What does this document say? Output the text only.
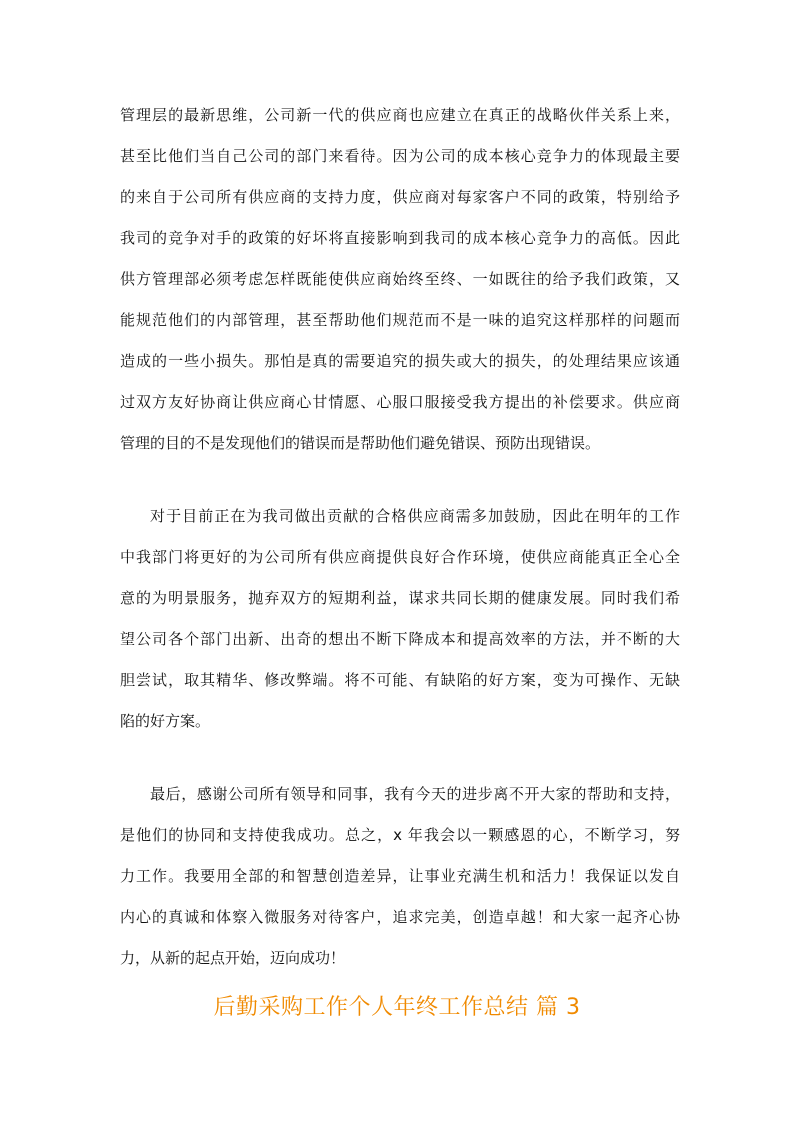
管理层的最新思维，公司新一代的供应商也应建立在真正的战略伙伴关系上来，
甚至比他们当自己公司的部门来看待。因为公司的成本核心竞争力的体现最主要
的来自于公司所有供应商的支持力度，供应商对每家客户不同的政策，特别给予
我司的竞争对手的政策的好坏将直接影响到我司的成本核心竞争力的高低。因此
供方管理部必须考虑怎样既能使供应商始终至终、一如既往的给予我们政策，又
能规范他们的内部管理，甚至帮助他们规范而不是一味的追究这样那样的问题而
造成的一些小损失。那怕是真的需要追究的损失或大的损失，的处理结果应该通
过双方友好协商让供应商心甘情愿、心服口服接受我方提出的补偿要求。供应商
管理的目的不是发现他们的错误而是帮助他们避免错误、预防出现错误。
对于目前正在为我司做出贡献的合格供应商需多加鼓励，因此在明年的工作
中我部门将更好的为公司所有供应商提供良好合作环境，使供应商能真正全心全
意的为明景服务，抛弃双方的短期利益，谋求共同长期的健康发展。同时我们希
望公司各个部门出新、出奇的想出不断下降成本和提高效率的方法，并不断的大
胆尝试，取其精华、修改弊端。将不可能、有缺陷的好方案，变为可操作、无缺
陷的好方案。
最后，感谢公司所有领导和同事，我有今天的进步离不开大家的帮助和支持，
是他们的协同和支持使我成功。总之，x 年我会以一颗感恩的心，不断学习，努
力工作。我要用全部的和智慧创造差异，让事业充满生机和活力！我保证以发自
内心的真诚和体察入微服务对待客户，追求完美，创造卓越！和大家一起齐心协
力，从新的起点开始，迈向成功！
后勤采购工作个人年终工作总结 篇 3
